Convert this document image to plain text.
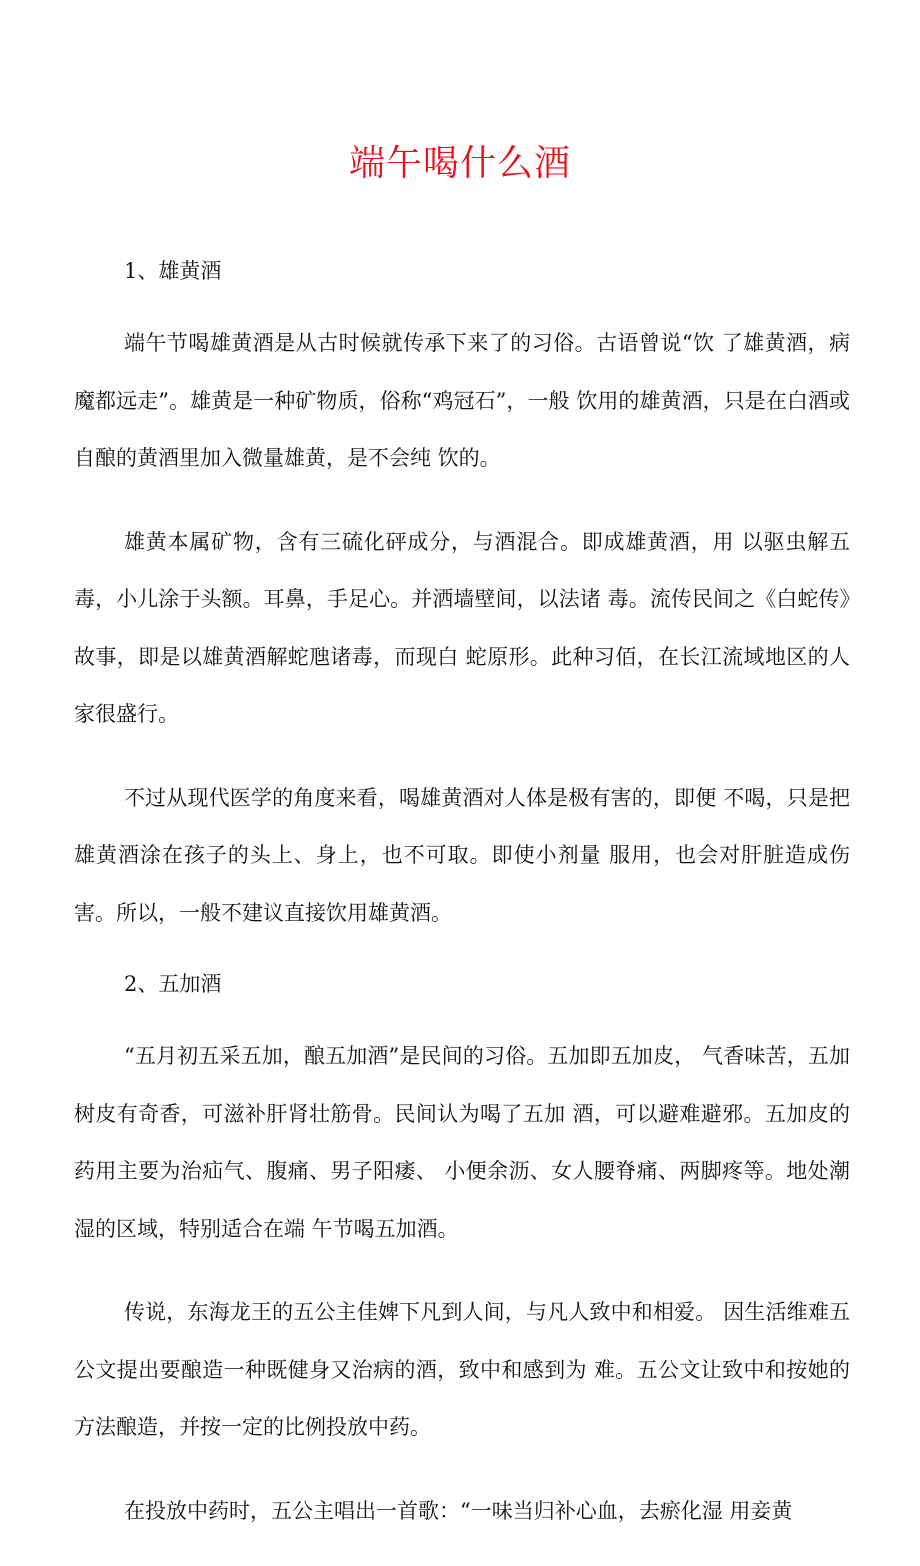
端午喝什么酒
1、雄黄酒

端午节喝雄黄酒是从古时候就传承下来了的习俗。古语曾说“饮 了雄黄酒，病魔都远走”。雄黄是一种矿物质，俗称“鸡冠石”，一般 饮用的雄黄酒，只是在白酒或自酿的黄酒里加入微量雄黄，是不会纯 饮的。

雄黄本属矿物，含有三硫化砰成分，与酒混合。即成雄黄酒，用 以驱虫解五毒，小儿涂于头额。耳鼻，手足心。并洒墙壁间，以法诸 毒。流传民间之《白蛇传》故事，即是以雄黄酒解蛇虺诸毒，而现白 蛇原形。此种习佰，在长江流域地区的人家很盛行。

不过从现代医学的角度来看，喝雄黄酒对人体是极有害的，即便 不喝，只是把雄黄酒涂在孩子的头上、身上，也不可取。即使小剂量 服用，也会对肝脏造成伤害。所以，一般不建议直接饮用雄黄酒。

2、五加酒

“五月初五采五加，酿五加酒”是民间的习俗。五加即五加皮， 气香味苦，五加树皮有奇香，可滋补肝肾壮筋骨。民间认为喝了五加 酒，可以避难避邪。五加皮的药用主要为治疝气、腹痛、男子阳痿、 小便余沥、女人腰脊痛、两脚疼等。地处潮湿的区域，特别适合在端 午节喝五加酒。

传说，东海龙王的五公主佳婢下凡到人间，与凡人致中和相爱。 因生活维难五公文提出要酿造一种既健身又治病的酒，致中和感到为 难。五公文让致中和按她的方法酿造，并按一定的比例投放中药。

在投放中药时，五公主唱出一首歌：“一味当归补心血，去瘀化湿 用妾黄
